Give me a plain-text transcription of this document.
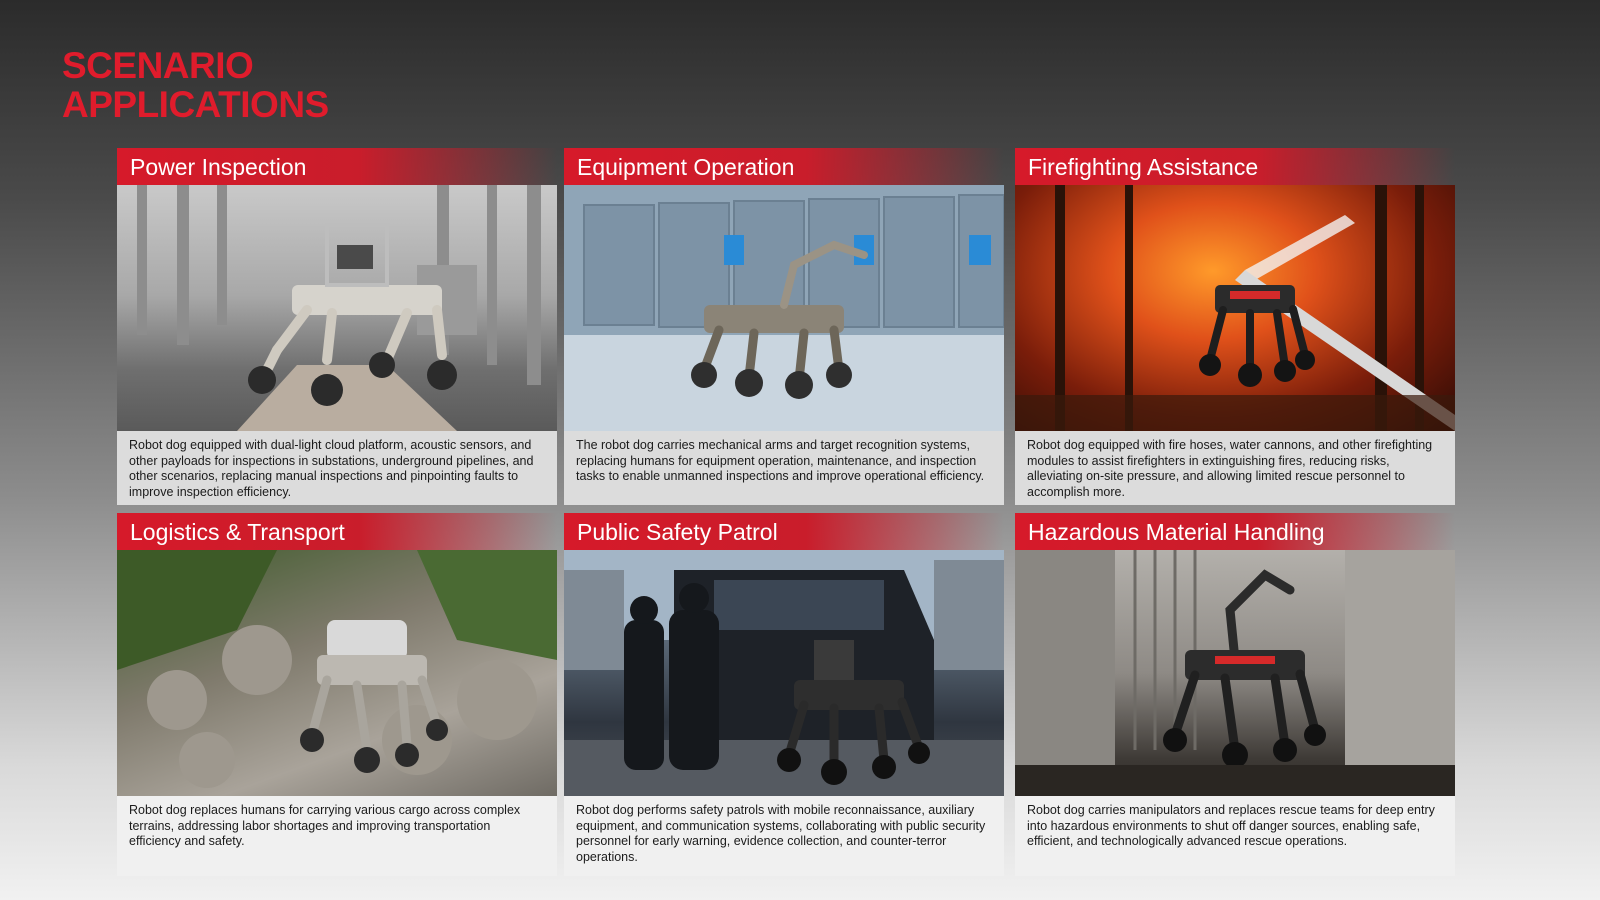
SCENARIO
APPLICATIONS
Power Inspection
Robot dog equipped with dual-light cloud platform, acoustic sensors, and other payloads for inspections in substations, underground pipelines, and other scenarios, replacing manual inspections and pinpointing faults to improve inspection efficiency.
Equipment Operation
The robot dog carries mechanical arms and target recognition systems, replacing humans for equipment operation, maintenance, and inspection tasks to enable unmanned inspections and improve operational efficiency.
Firefighting Assistance
Robot dog equipped with fire hoses, water cannons, and other firefighting modules to assist firefighters in extinguishing fires, reducing risks, alleviating on-site pressure, and allowing limited rescue personnel to accomplish more.
Logistics & Transport
Robot dog replaces humans for carrying various cargo across complex terrains, addressing labor shortages and improving transportation efficiency and safety.
Public Safety Patrol
Robot dog performs safety patrols with mobile reconnaissance, auxiliary equipment, and communication systems, collaborating with public security personnel for early warning, evidence collection, and counter-terror operations.
Hazardous Material Handling
Robot dog carries manipulators and replaces rescue teams for deep entry into hazardous environments to shut off danger sources, enabling safe, efficient, and technologically advanced rescue operations.
